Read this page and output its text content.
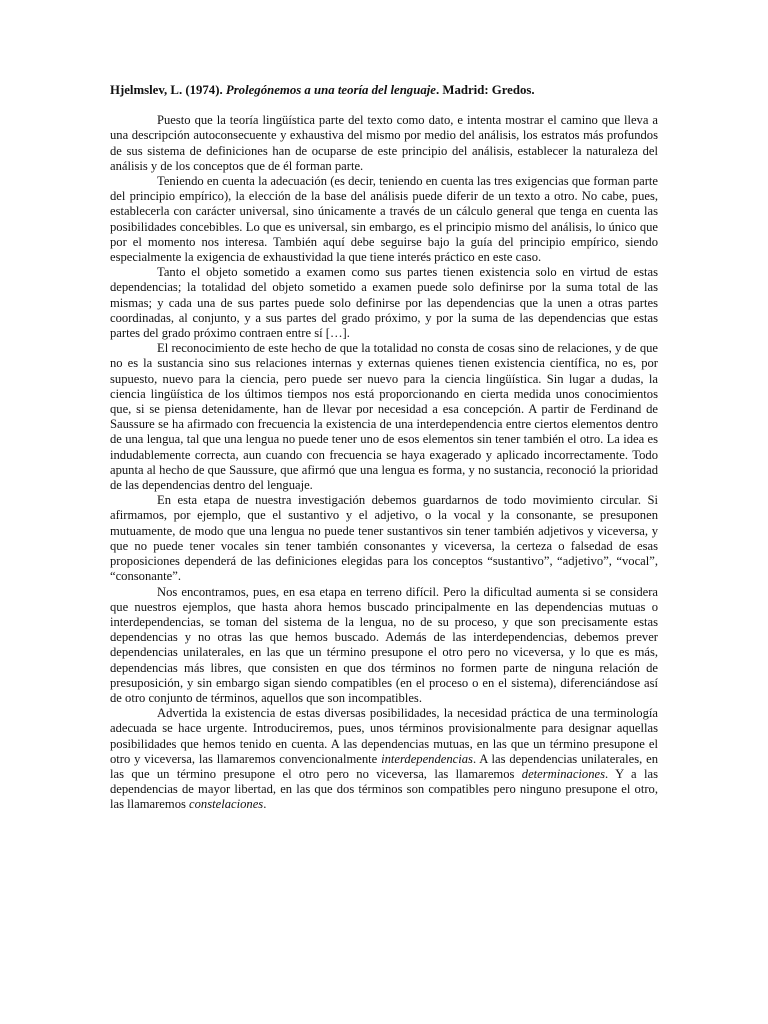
Hjelmslev, L. (1974). Prolegónemos a una teoría del lenguaje. Madrid: Gredos.

Puesto que la teoría lingüística parte del texto como dato, e intenta mostrar el camino que lleva a una descripción autoconsecuente y exhaustiva del mismo por medio del análisis, los estratos más profundos de sus sistema de definiciones han de ocuparse de este principio del análisis, establecer la naturaleza del análisis y de los conceptos que de él forman parte.

Teniendo en cuenta la adecuación (es decir, teniendo en cuenta las tres exigencias que forman parte del principio empírico), la elección de la base del análisis puede diferir de un texto a otro. No cabe, pues, establecerla con carácter universal, sino únicamente a través de un cálculo general que tenga en cuenta las posibilidades concebibles. Lo que es universal, sin embargo, es el principio mismo del análisis, lo único que por el momento nos interesa. También aquí debe seguirse bajo la guía del principio empírico, siendo especialmente la exigencia de exhaustividad la que tiene interés práctico en este caso.

Tanto el objeto sometido a examen como sus partes tienen existencia solo en virtud de estas dependencias; la totalidad del objeto sometido a examen puede solo definirse por la suma total de las mismas; y cada una de sus partes puede solo definirse por las dependencias que la unen a otras partes coordinadas, al conjunto, y a sus partes del grado próximo, y por la suma de las dependencias que estas partes del grado próximo contraen entre sí […].

El reconocimiento de este hecho de que la totalidad no consta de cosas sino de relaciones, y de que no es la sustancia sino sus relaciones internas y externas quienes tienen existencia científica, no es, por supuesto, nuevo para la ciencia, pero puede ser nuevo para la ciencia lingüística. Sin lugar a dudas, la ciencia lingüística de los últimos tiempos nos está proporcionando en cierta medida unos conocimientos que, si se piensa detenidamente, han de llevar por necesidad a esa concepción. A partir de Ferdinand de Saussure se ha afirmado con frecuencia la existencia de una interdependencia entre ciertos elementos dentro de una lengua, tal que una lengua no puede tener uno de esos elementos sin tener también el otro. La idea es indudablemente correcta, aun cuando con frecuencia se haya exagerado y aplicado incorrectamente. Todo apunta al hecho de que Saussure, que afirmó que una lengua es forma, y no sustancia, reconoció la prioridad de las dependencias dentro del lenguaje.

En esta etapa de nuestra investigación debemos guardarnos de todo movimiento circular. Si afirmamos, por ejemplo, que el sustantivo y el adjetivo, o la vocal y la consonante, se presuponen mutuamente, de modo que una lengua no puede tener sustantivos sin tener también adjetivos y viceversa, y que no puede tener vocales sin tener también consonantes y viceversa, la certeza o falsedad de esas proposiciones dependerá de las definiciones elegidas para los conceptos “sustantivo”, “adjetivo”, “vocal”, “consonante”.

Nos encontramos, pues, en esa etapa en terreno difícil. Pero la dificultad aumenta si se considera que nuestros ejemplos, que hasta ahora hemos buscado principalmente en las dependencias mutuas o interdependencias, se toman del sistema de la lengua, no de su proceso, y que son precisamente estas dependencias y no otras las que hemos buscado. Además de las interdependencias, debemos prever dependencias unilaterales, en las que un término presupone el otro pero no viceversa, y lo que es más, dependencias más libres, que consisten en que dos términos no formen parte de ninguna relación de presuposición, y sin embargo sigan siendo compatibles (en el proceso o en el sistema), diferenciándose así de otro conjunto de términos, aquellos que son incompatibles.

Advertida la existencia de estas diversas posibilidades, la necesidad práctica de una terminología adecuada se hace urgente. Introduciremos, pues, unos términos provisionalmente para designar aquellas posibilidades que hemos tenido en cuenta. A las dependencias mutuas, en las que un término presupone el otro y viceversa, las llamaremos convencionalmente interdependencias. A las dependencias unilaterales, en las que un término presupone el otro pero no viceversa, las llamaremos determinaciones. Y a las dependencias de mayor libertad, en las que dos términos son compatibles pero ninguno presupone el otro, las llamaremos constelaciones.
